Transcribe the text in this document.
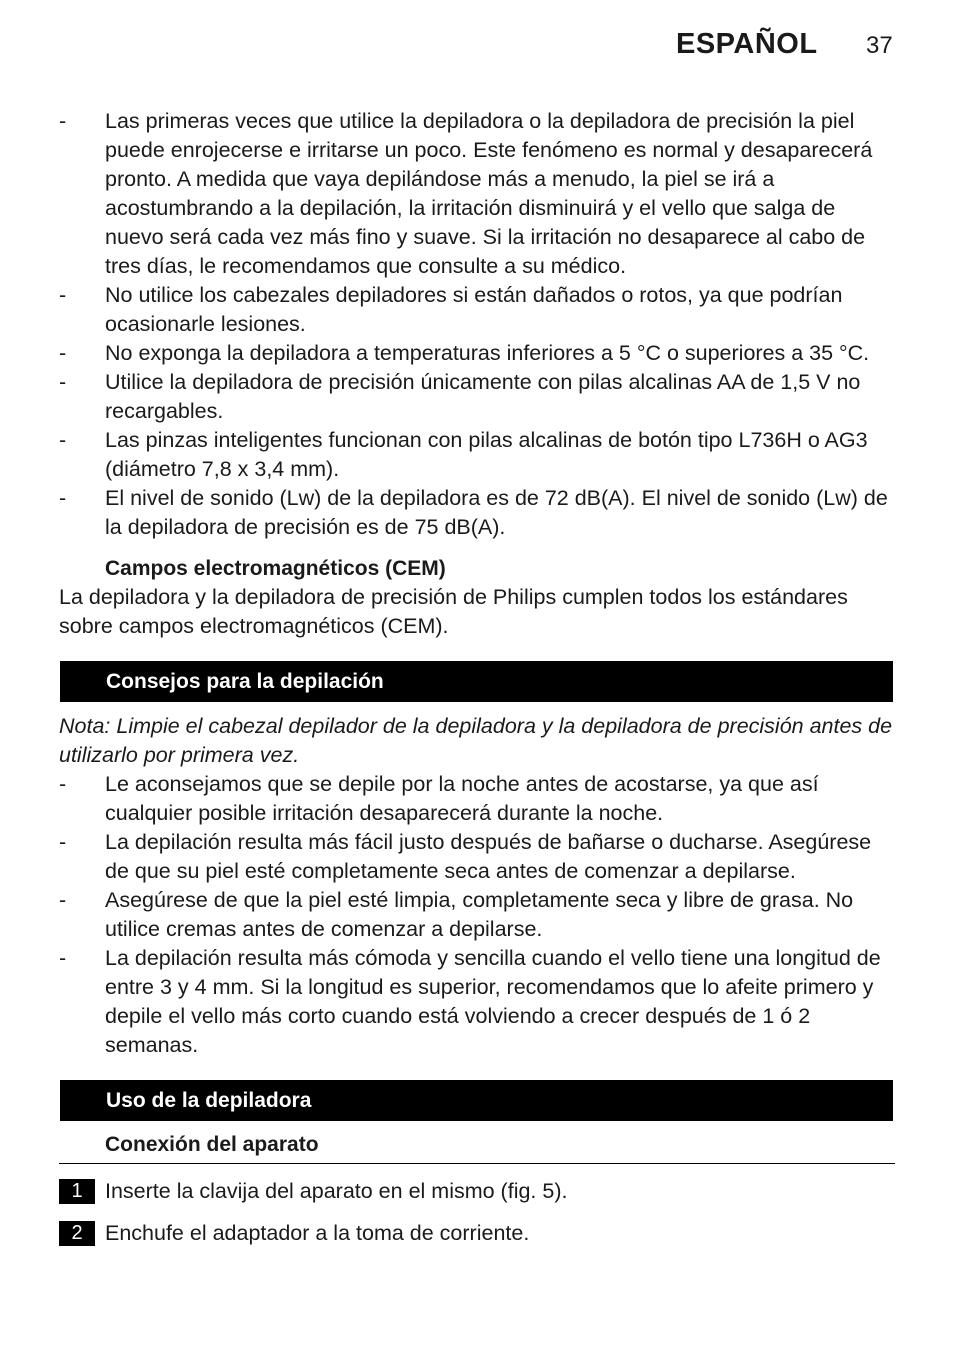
ESPAÑOL 37
- Las primeras veces que utilice la depiladora o la depiladora de precisión la piel puede enrojecerse e irritarse un poco. Este fenómeno es normal y desaparecerá pronto. A medida que vaya depilándose más a menudo, la piel se irá a acostumbrando a la depilación, la irritación disminuirá y el vello que salga de nuevo será cada vez más fino y suave. Si la irritación no desaparece al cabo de tres días, le recomendamos que consulte a su médico.
- No utilice los cabezales depiladores si están dañados o rotos, ya que podrían ocasionarle lesiones.
- No exponga la depiladora a temperaturas inferiores a 5 °C o superiores a 35 °C.
- Utilice la depiladora de precisión únicamente con pilas alcalinas AA de 1,5 V no recargables.
- Las pinzas inteligentes funcionan con pilas alcalinas de botón tipo L736H o AG3 (diámetro 7,8 x 3,4 mm).
- El nivel de sonido (Lw) de la depiladora es de 72 dB(A). El nivel de sonido (Lw) de la depiladora de precisión es de 75 dB(A).
Campos electromagnéticos (CEM)
La depiladora y la depiladora de precisión de Philips cumplen todos los estándares sobre campos electromagnéticos (CEM).
Consejos para la depilación
Nota: Limpie el cabezal depilador de la depiladora y la depiladora de precisión antes de utilizarlo por primera vez.
- Le aconsejamos que se depile por la noche antes de acostarse, ya que así cualquier posible irritación desaparecerá durante la noche.
- La depilación resulta más fácil justo después de bañarse o ducharse. Asegúrese de que su piel esté completamente seca antes de comenzar a depilarse.
- Asegúrese de que la piel esté limpia, completamente seca y libre de grasa. No utilice cremas antes de comenzar a depilarse.
- La depilación resulta más cómoda y sencilla cuando el vello tiene una longitud de entre 3 y 4 mm. Si la longitud es superior, recomendamos que lo afeite primero y depile el vello más corto cuando está volviendo a crecer después de 1 ó 2 semanas.
Uso de la depiladora
Conexión del aparato
1 Inserte la clavija del aparato en el mismo (fig. 5).
2 Enchufe el adaptador a la toma de corriente.
